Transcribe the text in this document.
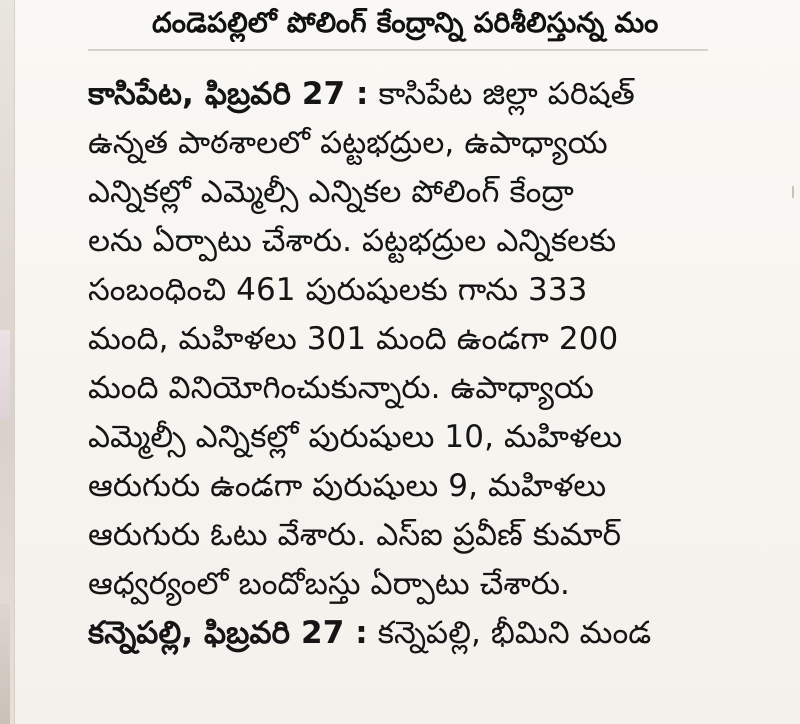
దండెపల్లిలో పోలింగ్ కేంద్రాన్ని పరిశీలిస్తున్న మం
కాసిపేట, ఫిబ్రవరి 27 : కాసిపేట జిల్లా పరిషత్
ఉన్నత పాఠశాలలో పట్టభద్రుల, ఉపాధ్యాయ
ఎన్నికల్లో ఎమ్మెల్సీ ఎన్నికల పోలింగ్ కేంద్రా
లను ఏర్పాటు చేశారు. పట్టభద్రుల ఎన్నికలకు
సంబంధించి 461 పురుషులకు గాను 333
మంది, మహిళలు 301 మంది ఉండగా 200
మంది వినియోగించుకున్నారు. ఉపాధ్యాయ
ఎమ్మెల్సీ ఎన్నికల్లో పురుషులు 10, మహిళలు
ఆరుగురు ఉండగా పురుషులు 9, మహిళలు
ఆరుగురు ఓటు వేశారు. ఎస్ఐ ప్రవీణ్ కుమార్
ఆధ్వర్యంలో బందోబస్తు ఏర్పాటు చేశారు.
కన్నెపల్లి, ఫిబ్రవరి 27 : కన్నెపల్లి, భీమిని మండ
